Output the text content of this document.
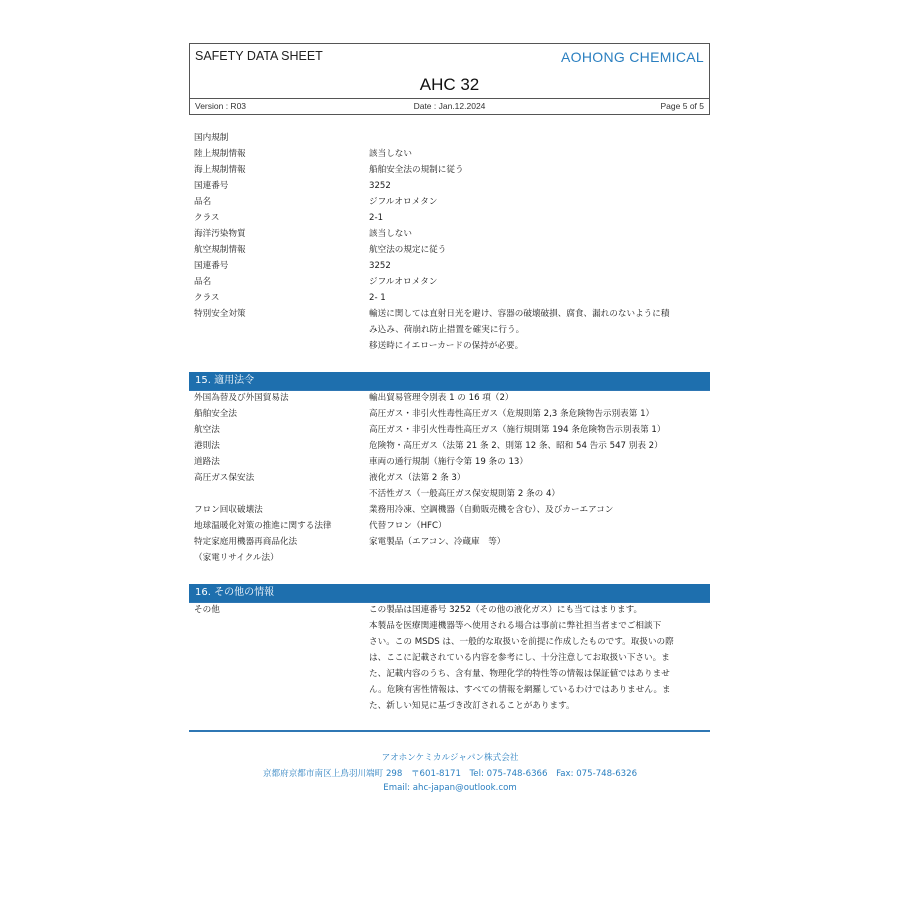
SAFETY DATA SHEET	AOHONG CHEMICAL
AHC 32
Version : R03	Date : Jan.12.2024	Page 5 of 5
国内規制
陸上規制情報	該当しない
海上規制情報	船舶安全法の規制に従う
国連番号	3252
品名	ジフルオロメタン
クラス	2-1
海洋汚染物質	該当しない
航空規制情報	航空法の規定に従う
国連番号	3252
品名	ジフルオロメタン
クラス	2- 1
特別安全対策	輸送に関しては直射日光を避け、容器の破壊破損、腐食、漏れのないように積
み込み、荷崩れ防止措置を確実に行う。
移送時にイエローカードの保持が必要。
15. 適用法令
外国為替及び外国貿易法	輸出貿易管理令別表 1 の 16 項（2）
船舶安全法	高圧ガス・非引火性毒性高圧ガス（危規則第 2,3 条危険物告示別表第 1）
航空法	高圧ガス・非引火性毒性高圧ガス（施行規則第 194 条危険物告示別表第 1）
港則法	危険物・高圧ガス（法第 21 条 2、則第 12 条、昭和 54 告示 547 別表 2）
道路法	車両の通行規制（施行令第 19 条の 13）
高圧ガス保安法	液化ガス（法第 2 条 3）
不活性ガス（一般高圧ガス保安規則第 2 条の 4）
フロン回収破壊法	業務用冷凍、空調機器（自動販売機を含む）、及びカーエアコン
地球温暖化対策の推進に関する法律	代替フロン（HFC）
特定家庭用機器再商品化法	家電製品（エアコン、冷蔵庫　等）
（家電リサイクル法）
16. その他の情報
その他	この製品は国連番号 3252（その他の液化ガス）にも当てはまります。
本製品を医療関連機器等へ使用される場合は事前に弊社担当者までご相談下
さい。この MSDS は、一般的な取扱いを前提に作成したものです。取扱いの際
は、ここに記載されている内容を参考にし、十分注意してお取扱い下さい。ま
た、記載内容のうち、含有量、物理化学的特性等の情報は保証値ではありませ
ん。危険有害性情報は、すべての情報を網羅しているわけではありません。ま
た、新しい知見に基づき改訂されることがあります。
アオホンケミカルジャパン株式会社
京都府京都市南区上鳥羽川端町 298　〒601-8171　Tel: 075-748-6366　Fax: 075-748-6326
Email: ahc-japan@outlook.com
